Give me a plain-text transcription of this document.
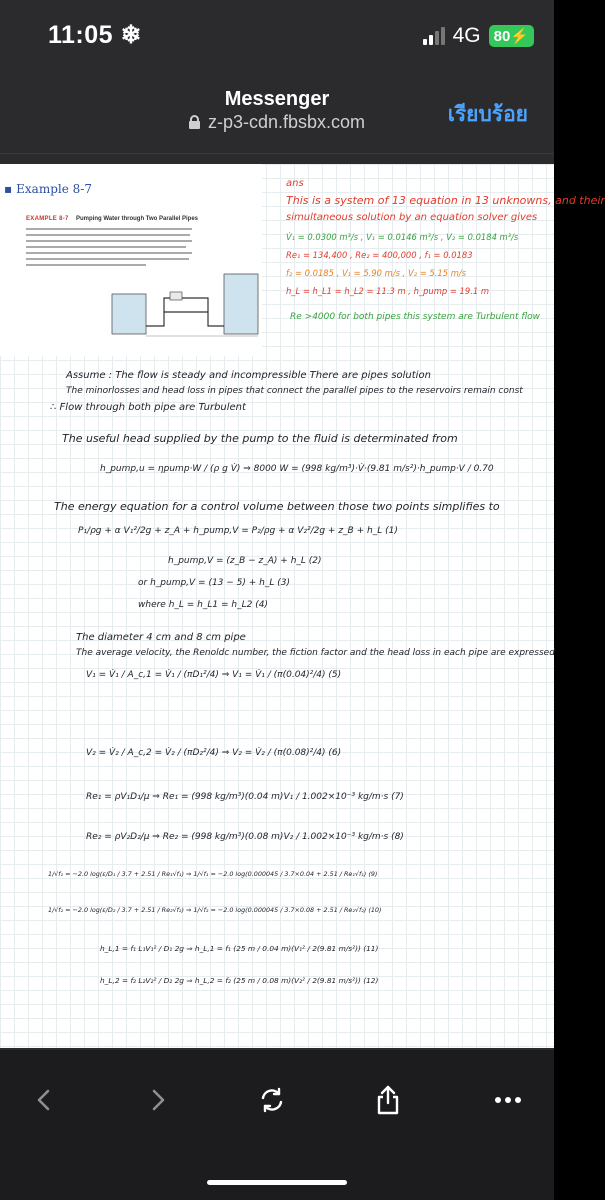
11:05 ❄	4G 80⚡
Messenger
z-p3-cdn.fbsbx.com	เรียบร้อย
▪ Example 8-7
EXAMPLE 8-7 Pumping Water through Two Parallel Pipes
ans
This is a system of 13 equation in 13 unknowns, and their
simultaneous solution by an equation solver gives
V̇₁ = 0.0300 m³/s , V₁ = 0.0146 m³/s , V₂ = 0.0184 m³/s
Re₁ = 134,400 , Re₂ = 400,000 , f₁ = 0.0183
f₂ = 0.0185 , V₁ = 5.90 m/s , V₂ = 5.15 m/s
h_L = h_L1 = h_L2 = 11.3 m , h_pump = 19.1 m
Re >4000 for both pipes this system are Turbulent flow
Assume : The flow is steady and incompressible There are pipes solution
The minorlosses and head loss in pipes that connect the parallel pipes to the reservoirs remain const
∴ Flow through both pipe are Turbulent
The useful head supplied by the pump to the fluid is determinated from
h_pump,u = ηpump·W / (ρ g V̇) ⇒ 8000 W = (998 kg/m³)·V̇·(9.81 m/s²)·h_pump·V / 0.70
The energy equation for a control volume between those two points simplifies to
P₁/ρg + α V₁²/2g + z_A + h_pump,V = P₂/ρg + α V₂²/2g + z_B + h_L (1)
h_pump,V = (z_B − z_A) + h_L (2)
or h_pump,V = (13 − 5) + h_L (3)
where h_L = h_L1 = h_L2 (4)
The diameter 4 cm and 8 cm pipe
The average velocity, the Renoldc number, the fiction factor and the head loss in each pipe are expressed
V₁ = V̇₁ / A_c,1 = V̇₁ / (πD₁²/4) ⇒ V₁ = V̇₁ / (π(0.04)²/4) (5)
V₂ = V̇₂ / A_c,2 = V̇₂ / (πD₂²/4) ⇒ V₂ = V̇₂ / (π(0.08)²/4) (6)
Re₁ = ρV₁D₁/μ ⇒ Re₁ = (998 kg/m³)(0.04 m)V₁ / 1.002×10⁻³ kg/m·s (7)
Re₂ = ρV₂D₂/μ ⇒ Re₂ = (998 kg/m³)(0.08 m)V₂ / 1.002×10⁻³ kg/m·s (8)
1/√f₁ = −2.0 log(ε/D₁ / 3.7 + 2.51 / Re₁√f₁) ⇒ 1/√f₁ = −2.0 log(0.000045 / 3.7×0.04 + 2.51 / Re₁√f₁) (9)
1/√f₂ = −2.0 log(ε/D₂ / 3.7 + 2.51 / Re₂√f₂) ⇒ 1/√f₂ = −2.0 log(0.000045 / 3.7×0.08 + 2.51 / Re₂√f₂) (10)
h_L,1 = f₁ L₁V₁² / D₁ 2g ⇒ h_L,1 = f₁ (25 m / 0.04 m)(V₁² / 2(9.81 m/s²)) (11)
h_L,2 = f₂ L₂V₂² / D₂ 2g ⇒ h_L,2 = f₂ (25 m / 0.08 m)(V₂² / 2(9.81 m/s²)) (12)
